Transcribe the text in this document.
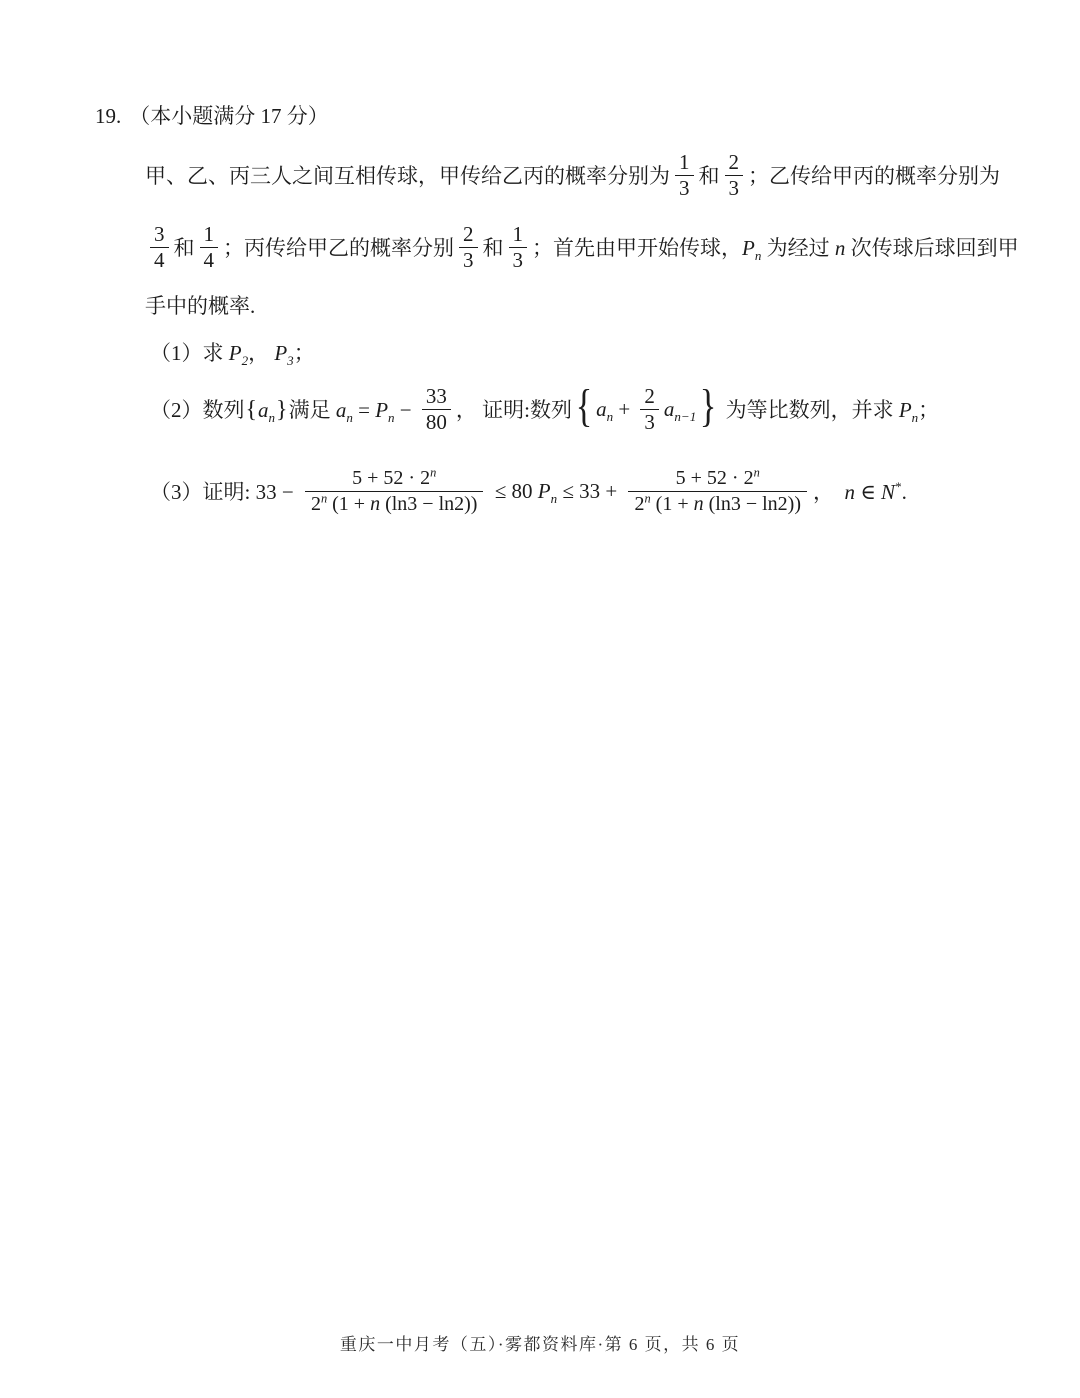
19. （本小题满分 17 分）
甲、乙、丙三人之间互相传球，甲传给乙丙的概率分别为 $\frac{1}{3}$ 和 $\frac{2}{3}$ ；乙传给甲丙的概率分别为
$\frac{3}{4}$ 和 $\frac{1}{4}$ ；丙传给甲乙的概率分别 $\frac{2}{3}$ 和 $\frac{1}{3}$ ；首先由甲开始传球，$P_n$ 为经过 n 次传球后球回到甲
手中的概率.
（1）求 $P_2$， $P_3$；
（2）数列$\{a_n\}$满足 $a_n = P_n - \frac{33}{80}$ ， 证明:数列 { $a_n + \frac{2}{3} a_{n-1}$ } 为等比数列，并求 $P_n$；
（3）证明: $33 - \frac{5 + 52 \cdot 2^n}{2^n (1 + n (\ln 3 - \ln 2))} \le 80$ $P_n \le 33 + \frac{5 + 52 \cdot 2^n}{2^n (1 + n (\ln 3 - \ln 2))}$ ，  n ∈ N*.
重庆一中月考（五）·雾都资料库·第 6 页，共 6 页
